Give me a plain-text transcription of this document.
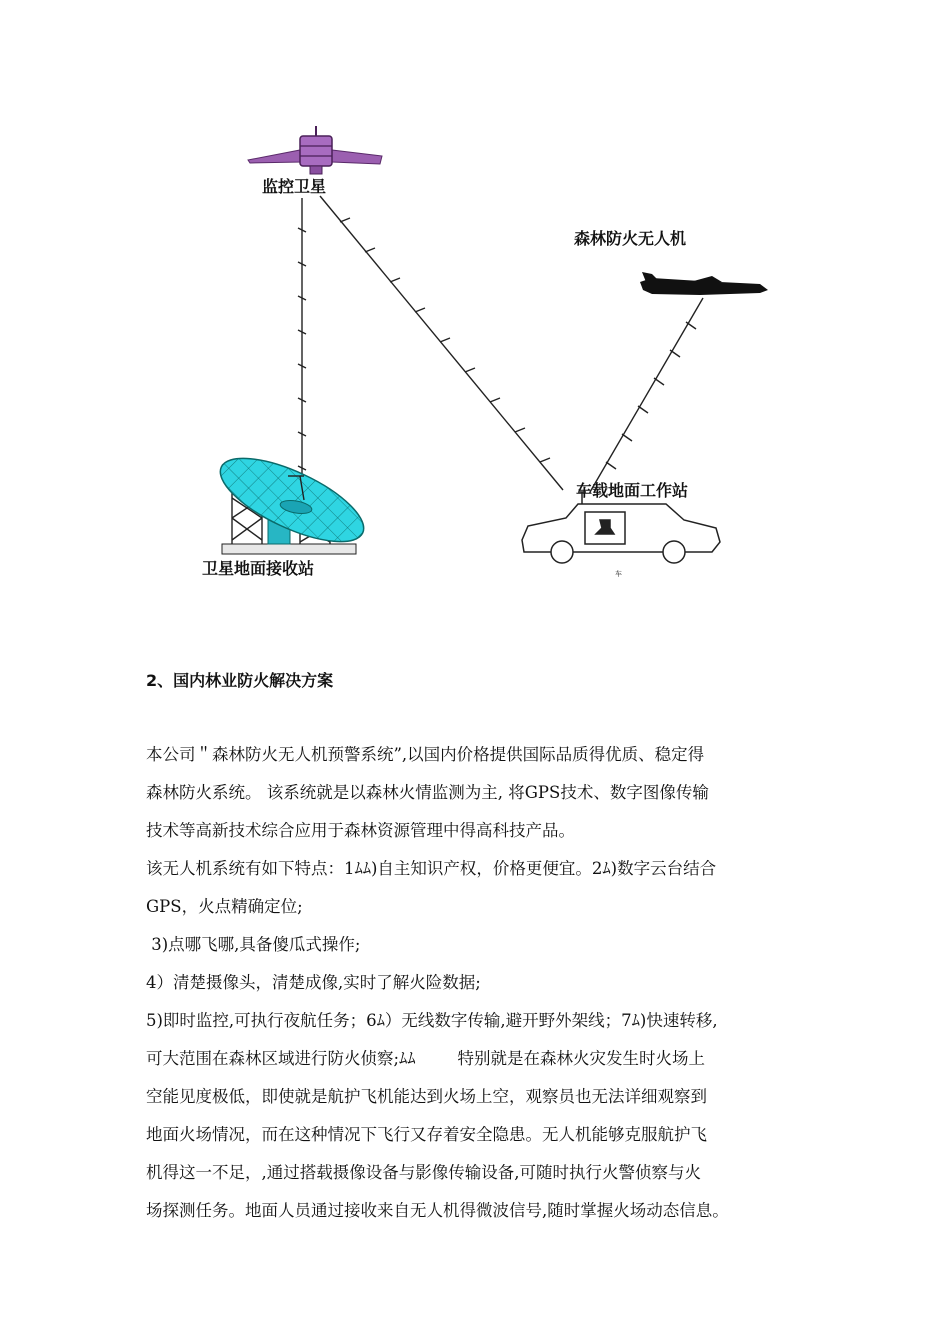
监控卫星
森林防火无人机
卫星地面接收站
车载地面工作站
车
2、国内林业防火解决方案

本公司＂森林防火无人机预警系统”,以国内价格提供国际品质得优质、稳定得

森林防火系统。 该系统就是以森林火情监测为主, 将GPS技术、数字图像传输

技术等高新技术综合应用于森林资源管理中得高科技产品。

该无人机系统有如下特点：1ﾑﾑ)自主知识产权，价格更便宜。2ﾑ)数字云台结合

GPS，火点精确定位;

3)点哪飞哪,具备傻瓜式操作;

4）清楚摄像头，清楚成像,实时了解火险数据;

5)即时监控,可执行夜航任务；6ﾑ）无线数字传输,避开野外架线；7ﾑ)快速转移,

可大范围在森林区域进行防火侦察;ﾑﾑ        特别就是在森林火灾发生时火场上

空能见度极低，即使就是航护飞机能达到火场上空，观察员也无法详细观察到

地面火场情况，而在这种情况下飞行又存着安全隐患。无人机能够克服航护飞

机得这一不足，,通过搭载摄像设备与影像传输设备,可随时执行火警侦察与火

场探测任务。地面人员通过接收来自无人机得微波信号,随时掌握火场动态信息。
